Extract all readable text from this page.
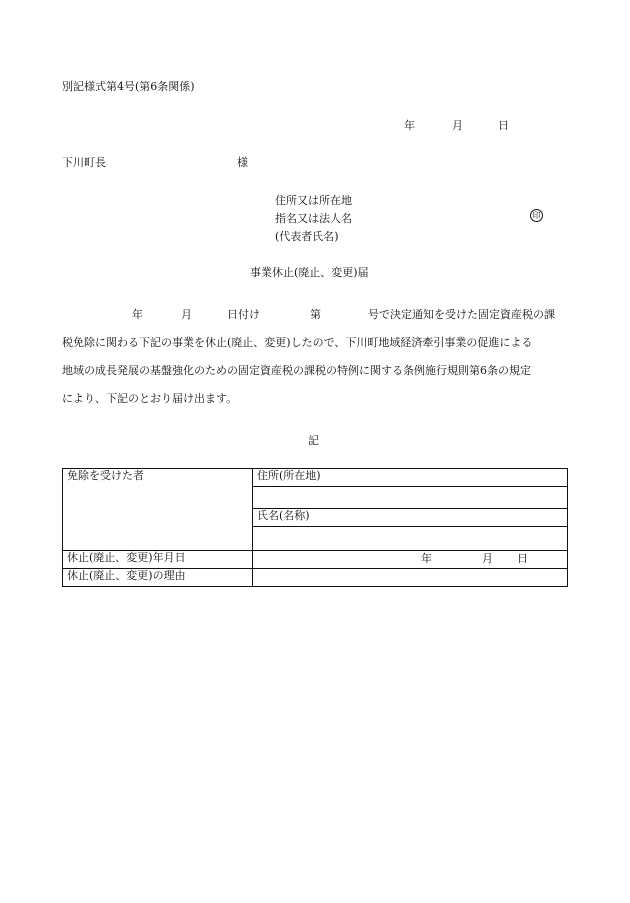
別記様式第4号(第6条関係)
年	月	日
下川町長	様
住所又は所在地
指名又は法人名
(代表者氏名)
印
事業休止(廃止、変更)届
年	月	日付け	第	号で決定通知を受けた固定資産税の課
税免除に関わる下記の事業を休止(廃止、変更)したので、下川町地域経済牽引事業の促進による
地域の成長発展の基盤強化のための固定資産税の課税の特例に関する条例施行規則第6条の規定
により、下記のとおり届け出ます。
記
免除を受けた者	住所(所在地)

	氏名(名称)

休止(廃止、変更)年月日	年 月 日

休止(廃止、変更)の理由	
